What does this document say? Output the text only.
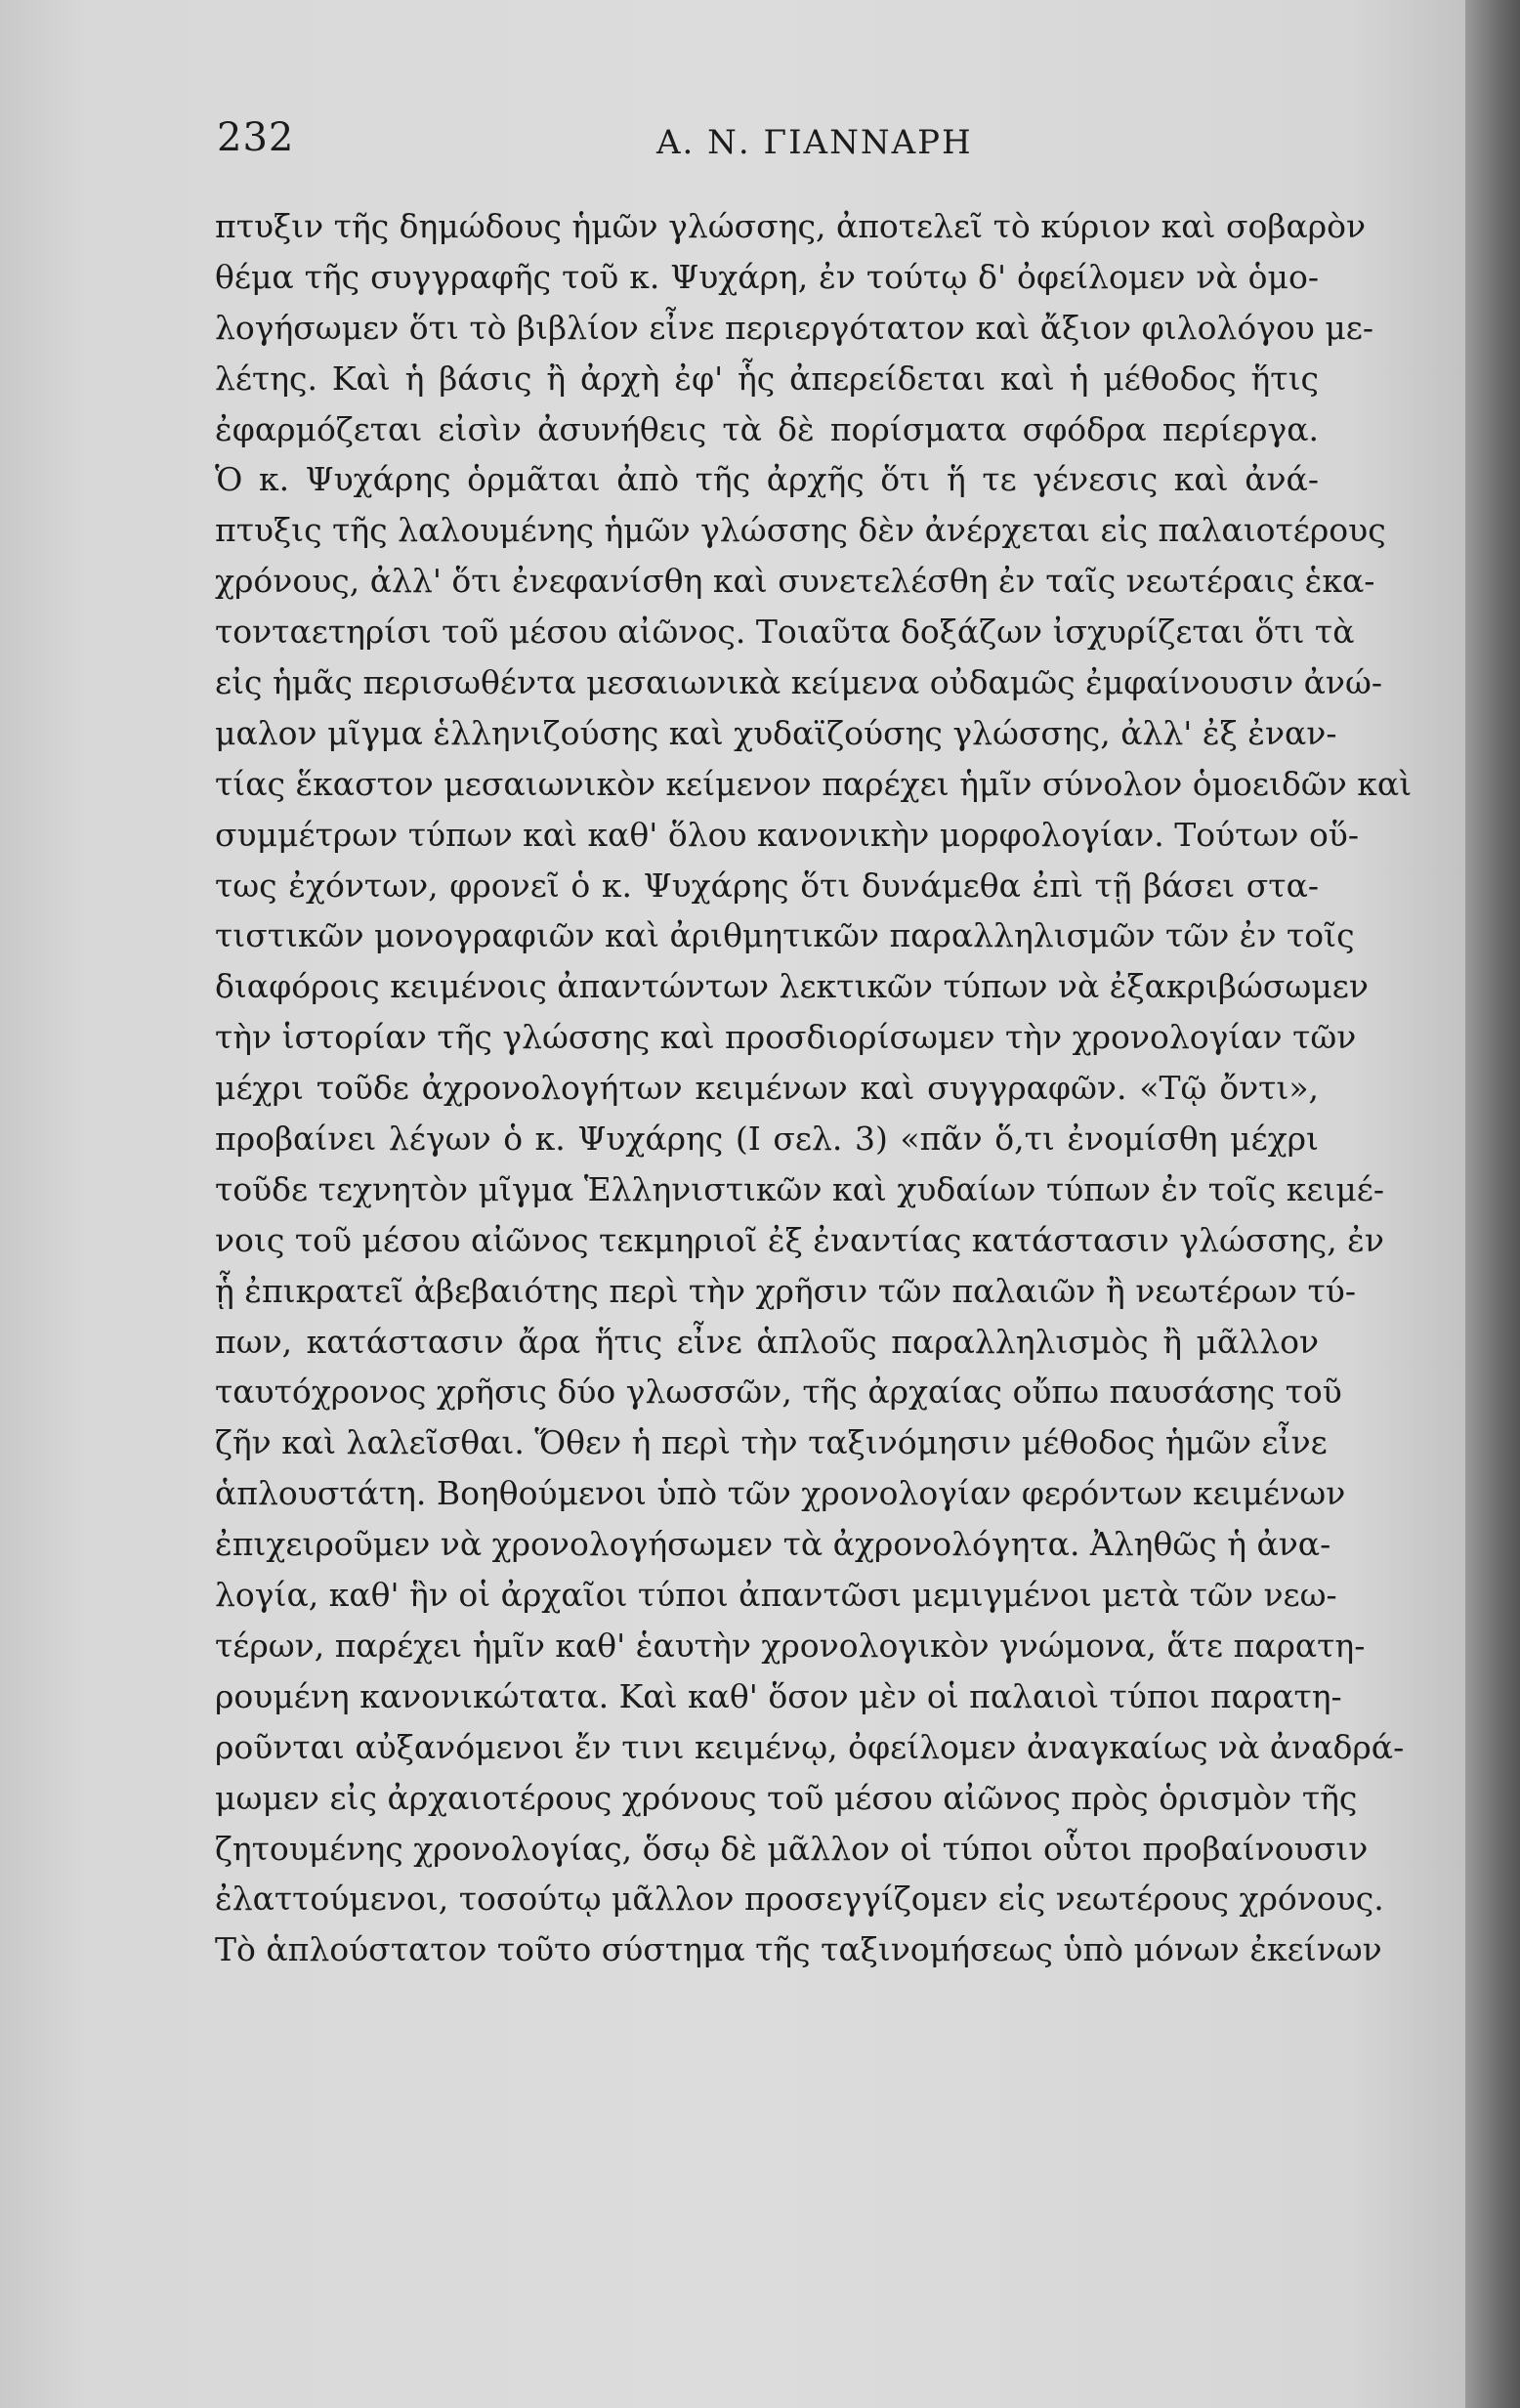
232	Α. Ν. ΓΙΑΝΝΑΡΗ
πτυξιν τῆς δημώδους ἡμῶν γλώσσης, ἀποτελεῖ τὸ κύριον καὶ σοβαρὸν
θέμα τῆς συγγραφῆς τοῦ κ. Ψυχάρη, ἐν τούτῳ δ' ὀφείλομεν νὰ ὁμο-
λογήσωμεν ὅτι τὸ βιβλίον εἶνε περιεργότατον καὶ ἄξιον φιλολόγου με-
λέτης. Καὶ ἡ βάσις ἢ ἀρχὴ ἐφ' ἧς ἀπερείδεται καὶ ἡ μέθοδος ἥτις
ἐφαρμόζεται εἰσὶν ἀσυνήθεις τὰ δὲ πορίσματα σφόδρα περίεργα.
Ὁ κ. Ψυχάρης ὁρμᾶται ἀπὸ τῆς ἀρχῆς ὅτι ἥ τε γένεσις καὶ ἀνά-
πτυξις τῆς λαλουμένης ἡμῶν γλώσσης δὲν ἀνέρχεται εἰς παλαιοτέρους
χρόνους, ἀλλ' ὅτι ἐνεφανίσθη καὶ συνετελέσθη ἐν ταῖς νεωτέραις ἑκα-
τονταετηρίσι τοῦ μέσου αἰῶνος. Τοιαῦτα δοξάζων ἰσχυρίζεται ὅτι τὰ
εἰς ἡμᾶς περισωθέντα μεσαιωνικὰ κείμενα οὐδαμῶς ἐμφαίνουσιν ἀνώ-
μαλον μῖγμα ἑλληνιζούσης καὶ χυδαϊζούσης γλώσσης, ἀλλ' ἐξ ἐναν-
τίας ἕκαστον μεσαιωνικὸν κείμενον παρέχει ἡμῖν σύνολον ὁμοειδῶν καὶ
συμμέτρων τύπων καὶ καθ' ὅλου κανονικὴν μορφολογίαν. Τούτων οὕ-
τως ἐχόντων, φρονεῖ ὁ κ. Ψυχάρης ὅτι δυνάμεθα ἐπὶ τῇ βάσει στα-
τιστικῶν μονογραφιῶν καὶ ἀριθμητικῶν παραλληλισμῶν τῶν ἐν τοῖς
διαφόροις κειμένοις ἀπαντώντων λεκτικῶν τύπων νὰ ἐξακριβώσωμεν
τὴν ἱστορίαν τῆς γλώσσης καὶ προσδιορίσωμεν τὴν χρονολογίαν τῶν
μέχρι τοῦδε ἀχρονολογήτων κειμένων καὶ συγγραφῶν. «Τῷ ὄντι»,
προβαίνει λέγων ὁ κ. Ψυχάρης (Ι σελ. 3) «πᾶν ὅ,τι ἐνομίσθη μέχρι
τοῦδε τεχνητὸν μῖγμα Ἑλληνιστικῶν καὶ χυδαίων τύπων ἐν τοῖς κειμέ-
νοις τοῦ μέσου αἰῶνος τεκμηριοῖ ἐξ ἐναντίας κατάστασιν γλώσσης, ἐν
ᾗ ἐπικρατεῖ ἀβεβαιότης περὶ τὴν χρῆσιν τῶν παλαιῶν ἢ νεωτέρων τύ-
πων, κατάστασιν ἄρα ἥτις εἶνε ἁπλοῦς παραλληλισμὸς ἢ μᾶλλον
ταυτόχρονος χρῆσις δύο γλωσσῶν, τῆς ἀρχαίας οὔπω παυσάσης τοῦ
ζῆν καὶ λαλεῖσθαι. Ὅθεν ἡ περὶ τὴν ταξινόμησιν μέθοδος ἡμῶν εἶνε
ἁπλουστάτη. Βοηθούμενοι ὑπὸ τῶν χρονολογίαν φερόντων κειμένων
ἐπιχειροῦμεν νὰ χρονολογήσωμεν τὰ ἀχρονολόγητα. Ἀληθῶς ἡ ἀνα-
λογία, καθ' ἣν οἱ ἀρχαῖοι τύποι ἀπαντῶσι μεμιγμένοι μετὰ τῶν νεω-
τέρων, παρέχει ἡμῖν καθ' ἑαυτὴν χρονολογικὸν γνώμονα, ἅτε παρατη-
ρουμένη κανονικώτατα. Καὶ καθ' ὅσον μὲν οἱ παλαιοὶ τύποι παρατη-
ροῦνται αὐξανόμενοι ἔν τινι κειμένῳ, ὀφείλομεν ἀναγκαίως νὰ ἀναδρά-
μωμεν εἰς ἀρχαιοτέρους χρόνους τοῦ μέσου αἰῶνος πρὸς ὁρισμὸν τῆς
ζητουμένης χρονολογίας, ὅσῳ δὲ μᾶλλον οἱ τύποι οὗτοι προβαίνουσιν
ἐλαττούμενοι, τοσούτῳ μᾶλλον προσεγγίζομεν εἰς νεωτέρους χρόνους.
Τὸ ἁπλούστατον τοῦτο σύστημα τῆς ταξινομήσεως ὑπὸ μόνων ἐκείνων
